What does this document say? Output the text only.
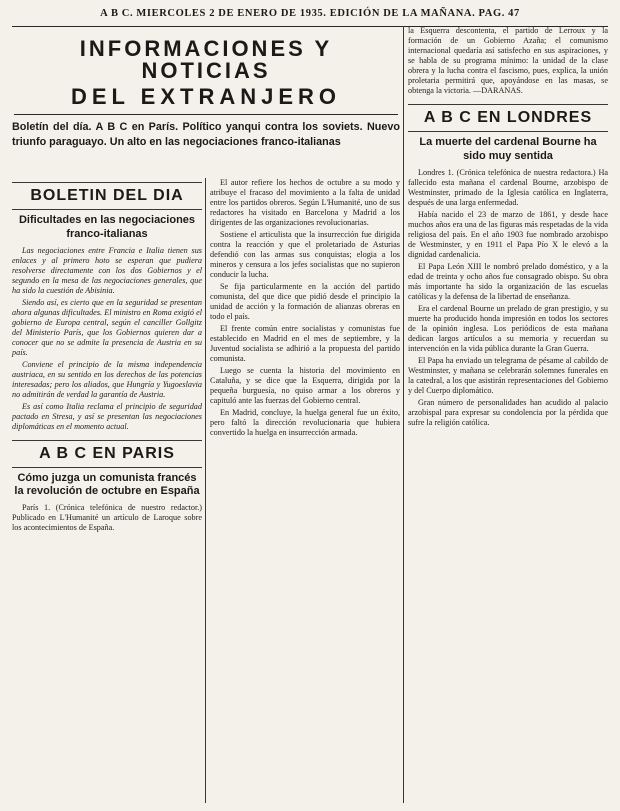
A B C. MIERCOLES 2 DE ENERO DE 1935. EDICIÓN DE LA MAÑANA. PAG. 47
INFORMACIONES Y NOTICIAS
DEL EXTRANJERO
Boletín del día. A B C en París. Político yanqui contra los soviets. Nuevo triunfo paraguayo. Un alto en las negociaciones franco-italianas
BOLETIN DEL DIA
Dificultades en las negociaciones franco-italianas

Las negociaciones entre Francia e Italia tienen sus enlaces y al primero hoto se esperan que pudiera resolverse directamente con los dos Gobiernos y el segundo en la mesa de las negociaciones generales, que ha sido la cuestión de Abisinia.

Siendo así, es cierto que en la seguridad se presentan ahora algunas dificultades. El ministro en Roma exigió el gobierno de Europa central, según el canciller Gollgitz del Ministerio París, que los Gobiernos quieren dar a conocer que no se admite la presencia de Austria en su país.

Conviene el principio de la misma independencia austriaca, en su sentido en los derechos de las potencias interesadas; pero los aliados, que Hungría y Yugoeslavia no admitirán de verdad la garantía de Austria.

Es así como Italia reclama el principio de seguridad pactado en Stresa, y así se presentan las negociaciones diplomáticas en el momento actual.

A B C EN PARIS
Cómo juzga un comunista francés la revolución de octubre en España

París 1. (Crónica telefónica de nuestro redactor.) Publicado en L'Humanité un artículo de Laroque sobre los acontecimientos de España.

El autor refiere los hechos de octubre a su modo y atribuye el fracaso del movimiento a la falta de unidad entre los partidos obreros. Según L'Humanité, uno de sus redactores ha visitado en Barcelona y Madrid a los dirigentes de las organizaciones revolucionarias.

Sostiene el articulista que la insurrección fue dirigida contra la reacción y que el proletariado de Asturias defendió con las armas sus conquistas; elogia a los mineros y censura a los jefes socialistas que no supieron conducir la lucha.

Se fija particularmente en la acción del partido comunista, del que dice que pidió desde el principio la unidad de acción y la formación de alianzas obreras en todo el país.

El frente común entre socialistas y comunistas fue establecido en Madrid en el mes de septiembre, y la Juventud socialista se adhirió a la propuesta del partido comunista.

Luego se cuenta la historia del movimiento en Cataluña, y se dice que la Esquerra, dirigida por la pequeña burguesía, no quiso armar a los obreros y capituló ante las fuerzas del Gobierno central.

En Madrid, concluye, la huelga general fue un éxito, pero faltó la dirección revolucionaria que hubiera convertido la huelga en insurrección armada.

la Esquerra descontenta, el partido de Lerroux y la formación de un Gobierno Azaña; el comunismo internacional quedaría así satisfecho en sus aspiraciones, y se habla de su programa mínimo: la unidad de la clase obrera y la lucha contra el fascismo, pues, explica, la unión proletaria permitirá que, apoyándose en las masas, se obtenga la victoria. —DARANAS.

A B C EN LONDRES
La muerte del cardenal Bourne ha sido muy sentida

Londres 1. (Crónica telefónica de nuestra redactora.) Ha fallecido esta mañana el cardenal Bourne, arzobispo de Westminster, primado de la Iglesia católica en Inglaterra, después de una larga enfermedad.

Había nacido el 23 de marzo de 1861, y desde hace muchos años era una de las figuras más respetadas de la vida religiosa del país. En el año 1903 fue nombrado arzobispo de Westminster, y en 1911 el Papa Pío X le elevó a la dignidad cardenalicia.

El Papa León XIII le nombró prelado doméstico, y a la edad de treinta y ocho años fue consagrado obispo. Su obra más importante ha sido la organización de las escuelas católicas y la defensa de la libertad de enseñanza.

Era el cardenal Bourne un prelado de gran prestigio, y su muerte ha producido honda impresión en todos los sectores de la opinión inglesa. Los periódicos de esta mañana dedican largos artículos a su memoria y recuerdan su intervención en la vida pública durante la Gran Guerra.

El Papa ha enviado un telegrama de pésame al cabildo de Westminster, y mañana se celebrarán solemnes funerales en la catedral, a los que asistirán representaciones del Gobierno y del Cuerpo diplomático.

Gran número de personalidades han acudido al palacio arzobispal para expresar su condolencia por la pérdida que sufre la religión católica.
